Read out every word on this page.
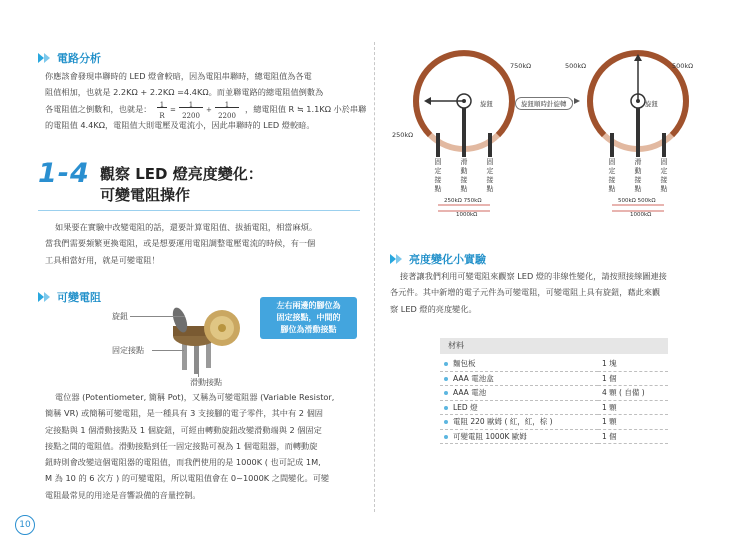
電路分析
你應該會發現串聯時的 LED 燈會較暗，因為電阻串聯時，總電阻值為各電
阻值相加，也就是 2.2KΩ + 2.2KΩ =4.4KΩ。而並聯電路的總電阻值倒數為
各電阻值之倒數和，也就是：	1
R
=
1
2200
+
1
2200
，總電阻值 R ≒ 1.1KΩ 小於串聯
的電阻值 4.4KΩ，電阻值大則電壓及電流小，因此串聯時的 LED 燈較暗。
1-4 觀察 LED 燈亮度變化：
可變電阻操作
如果要在實驗中改變電阻的話，還要計算電阻值、拔插電阻，相當麻煩。
當我們需要頻繁更換電阻，或是想要運用電阻調整電壓電流的時候，有一個
工具相當好用，就是可變電阻！
可變電阻
旋鈕
固定接點
滑動接點
左右兩邊的腳位為
固定接點，中間的
腳位為滑動接點
電位器 (Potentiometer, 簡稱 Pot)，又稱為可變電阻器 (Variable Resistor,
簡稱 VR) 或簡稱可變電阻，是一種具有 3 支接腳的電子零件，其中有 2 個固
定接點與 1 個滑動接點及 1 個旋鈕，可經由轉動旋鈕改變滑動端與 2 個固定
接點之間的電阻值。滑動接點到任一固定接點可視為 1 個電阻器，而轉動旋
鈕時則會改變這個電阻器的電阻值，而我們使用的是 1000K ( 也可記成 1M,
M 為 10 的 6 次方 ) 的可變電阻，所以電阻值會在 0~1000K 之間變化。可變
電阻最常見的用途是音響設備的音量控制。
10
750kΩ
250kΩ
旋鈕	旋鈕順時針旋轉
500kΩ	500kΩ
旋鈕
固定接點
滑動接點
固定接點
固定接點
滑動接點
固定接點
250kΩ 750kΩ
1000kΩ
500kΩ 500kΩ
1000kΩ
亮度變化小實驗
接著讓我們利用可變電阻來觀察 LED 燈的非線性變化，請按照接線圖連接
各元件。其中新增的電子元件為可變電阻，可變電阻上具有旋鈕，藉此來觀
察 LED 燈的亮度變化。
材料
麵包板	1 塊
AAA 電池盒	1 個
AAA 電池	4 顆 ( 自備 )
LED 燈	1 顆
電阻 220 歐姆 ( 紅，紅，棕 )	1 顆
可變電阻 1000K 歐姆	1 個
